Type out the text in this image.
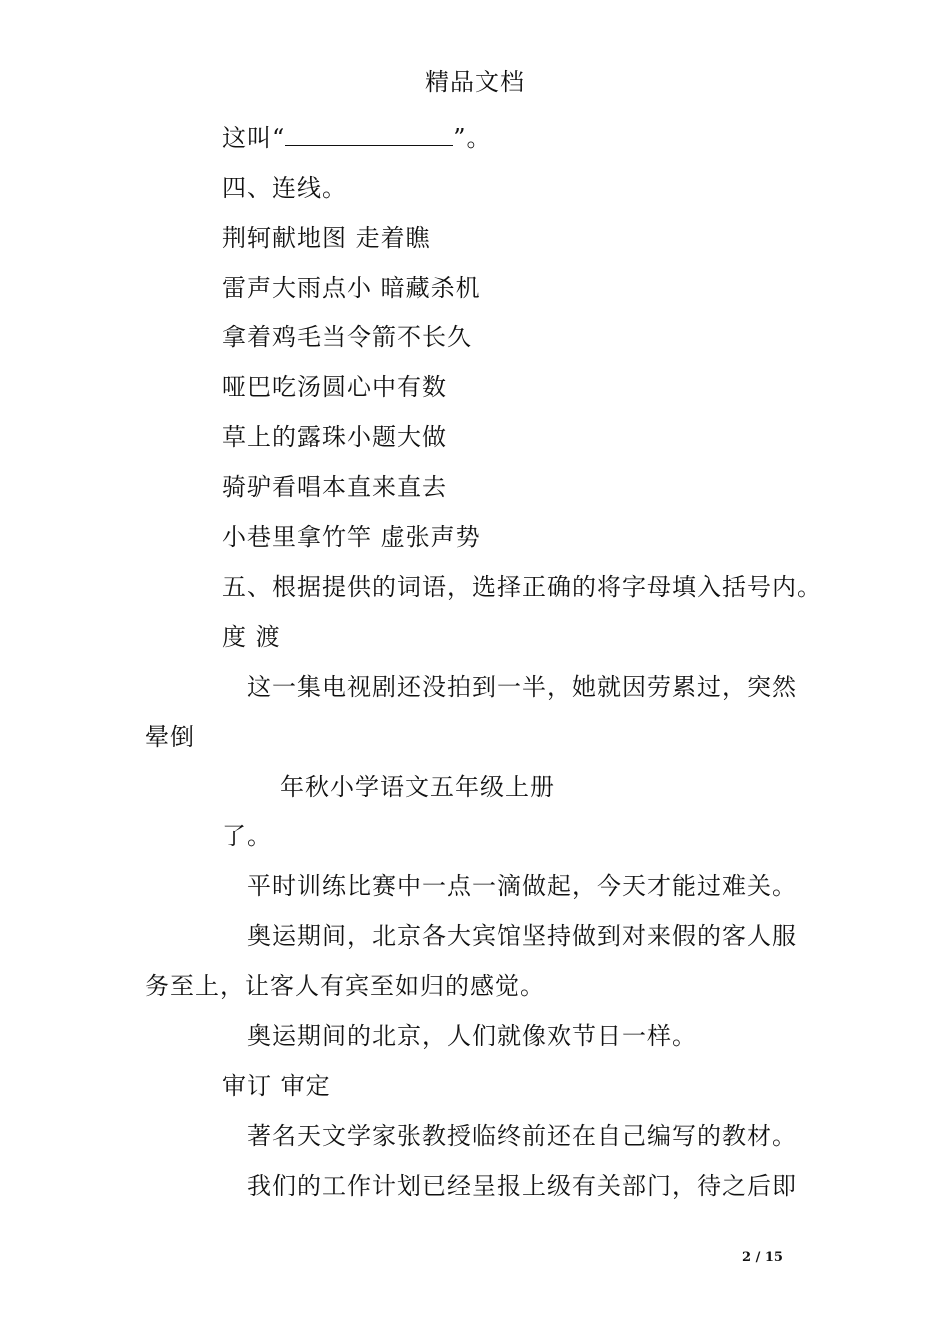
精品文档
这叫“	”。
四、连线。
荆轲献地图 走着瞧
雷声大雨点小 暗藏杀机
拿着鸡毛当令箭不长久
哑巴吃汤圆心中有数
草上的露珠小题大做
骑驴看唱本直来直去
小巷里拿竹竿 虚张声势
五、根据提供的词语，选择正确的将字母填入括号内。
度 渡
这一集电视剧还没拍到一半，她就因劳累过，突然
晕倒
年秋小学语文五年级上册
了。
平时训练比赛中一点一滴做起，今天才能过难关。
奥运期间，北京各大宾馆坚持做到对来假的客人服
务至上，让客人有宾至如归的感觉。
奥运期间的北京，人们就像欢节日一样。
审订 审定
著名天文学家张教授临终前还在自己编写的教材。
我们的工作计划已经呈报上级有关部门，待之后即
2 / 15
